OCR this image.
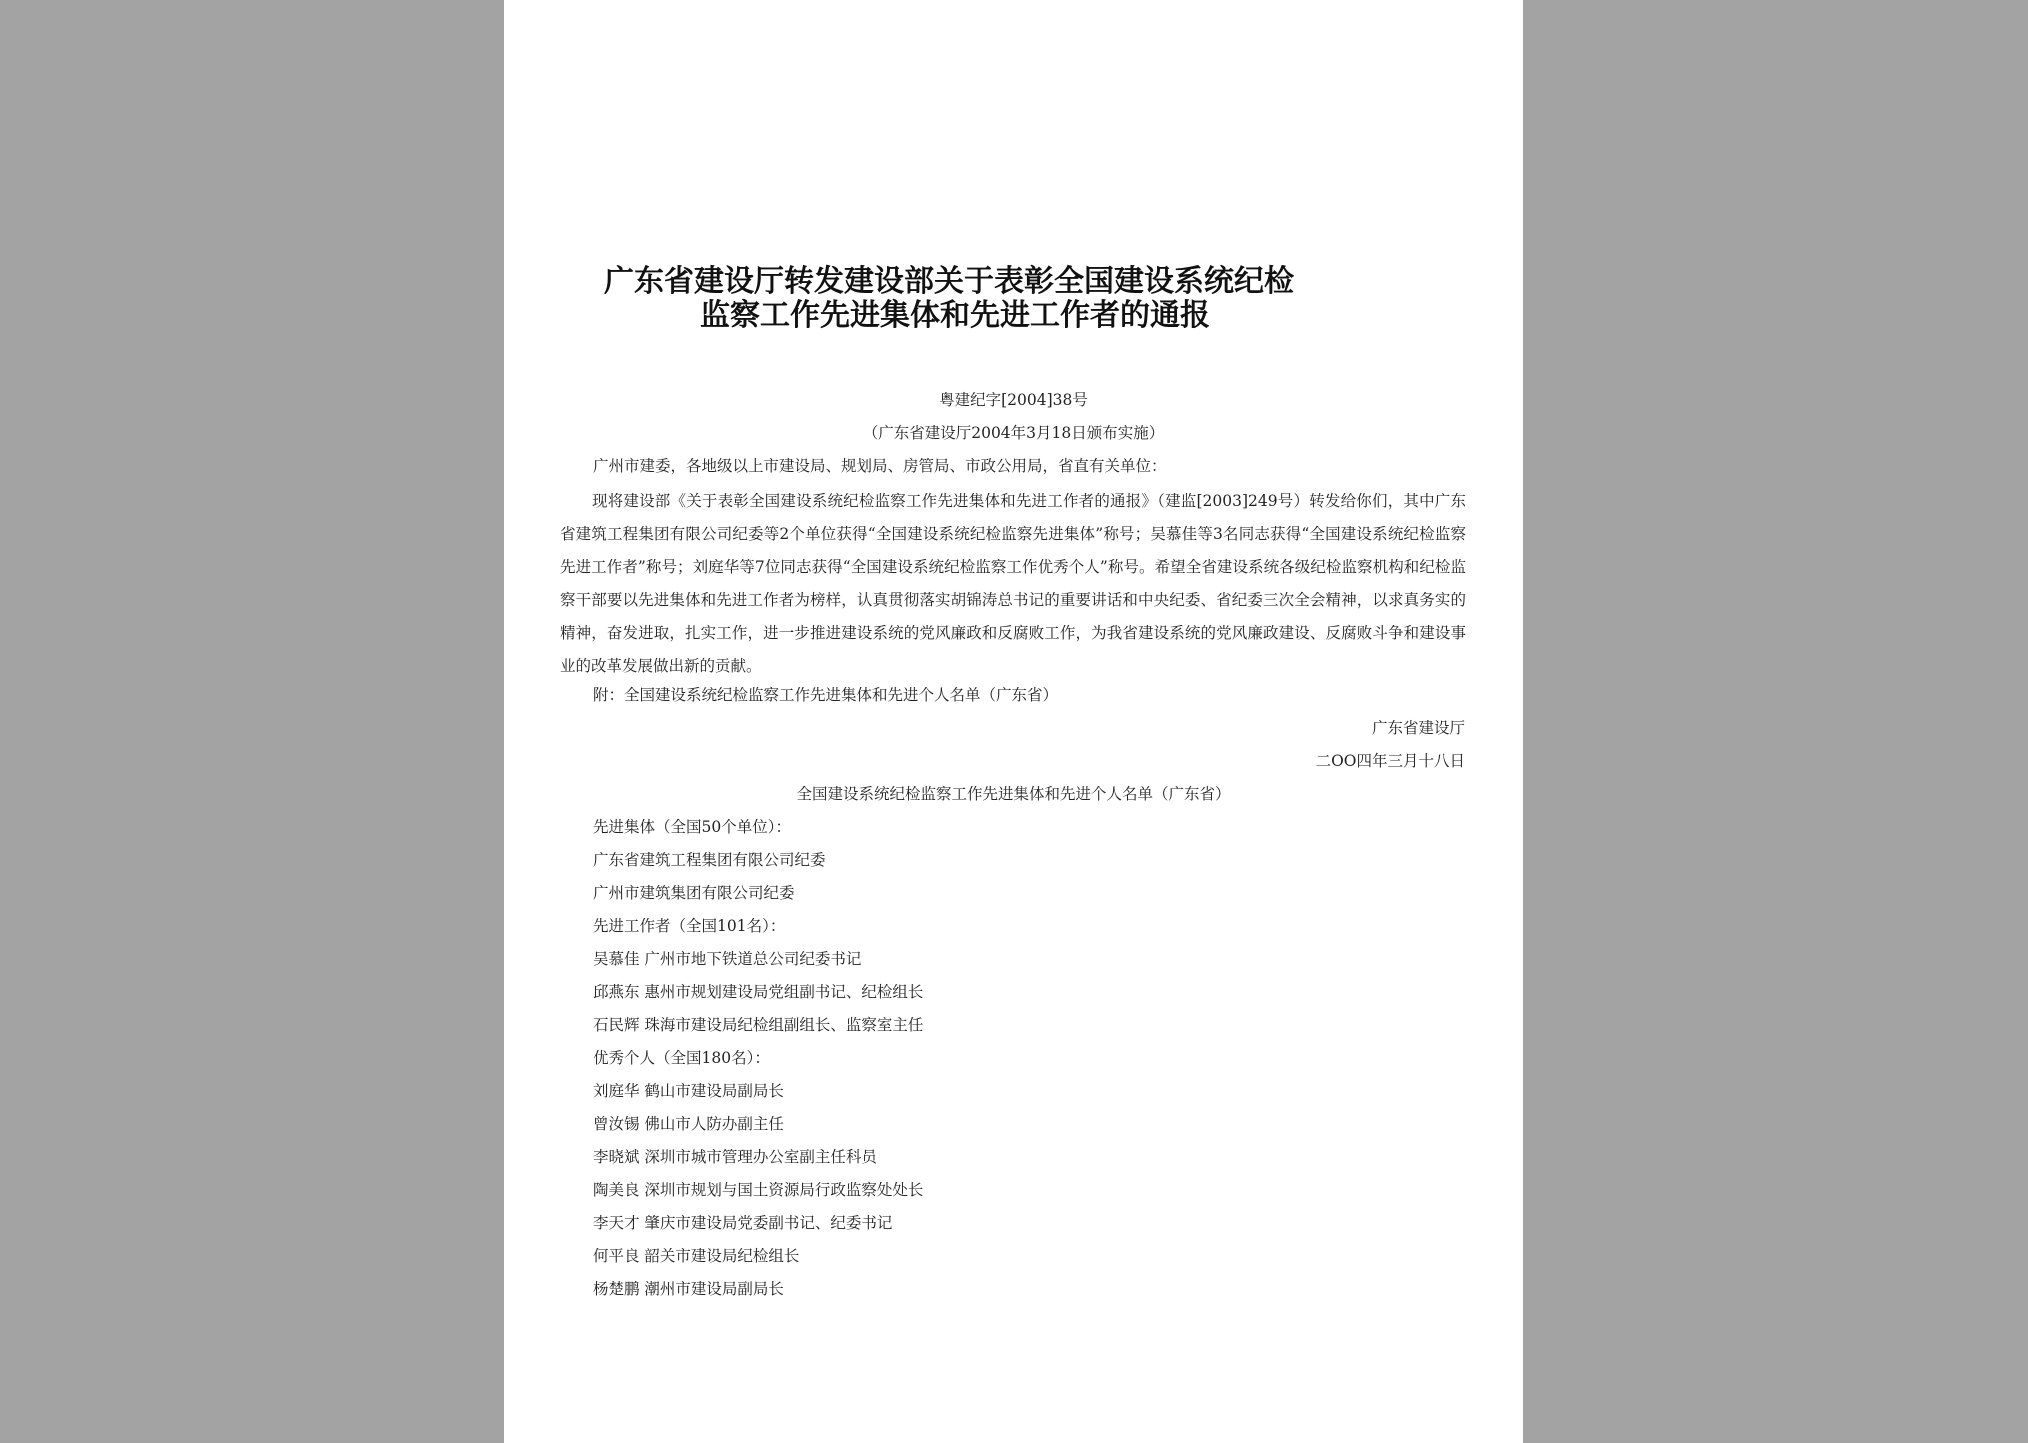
广东省建设厅转发建设部关于表彰全国建设系统纪检
监察工作先进集体和先进工作者的通报
粤建纪字[2004]38号
（广东省建设厅2004年3月18日颁布实施）
广州市建委，各地级以上市建设局、规划局、房管局、市政公用局，省直有关单位：
现将建设部《关于表彰全国建设系统纪检监察工作先进集体和先进工作者的通报》（建监[2003]249号）转发给你们，其中广东省建筑工程集团有限公司纪委等2个单位获得“全国建设系统纪检监察先进集体”称号；吴慕佳等3名同志获得“全国建设系统纪检监察先进工作者”称号；刘庭华等7位同志获得“全国建设系统纪检监察工作优秀个人”称号。希望全省建设系统各级纪检监察机构和纪检监察干部要以先进集体和先进工作者为榜样，认真贯彻落实胡锦涛总书记的重要讲话和中央纪委、省纪委三次全会精神，以求真务实的精神，奋发进取，扎实工作，进一步推进建设系统的党风廉政和反腐败工作，为我省建设系统的党风廉政建设、反腐败斗争和建设事业的改革发展做出新的贡献。
附：全国建设系统纪检监察工作先进集体和先进个人名单（广东省）
广东省建设厅
二OO四年三月十八日
全国建设系统纪检监察工作先进集体和先进个人名单（广东省）
先进集体（全国50个单位）：
广东省建筑工程集团有限公司纪委
广州市建筑集团有限公司纪委
先进工作者（全国101名）：
吴慕佳 广州市地下铁道总公司纪委书记
邱燕东 惠州市规划建设局党组副书记、纪检组长
石民辉 珠海市建设局纪检组副组长、监察室主任
优秀个人（全国180名）：
刘庭华 鹤山市建设局副局长
曾汝锡 佛山市人防办副主任
李晓斌 深圳市城市管理办公室副主任科员
陶美良 深圳市规划与国土资源局行政监察处处长
李天才 肇庆市建设局党委副书记、纪委书记
何平良 韶关市建设局纪检组长
杨楚鹏 潮州市建设局副局长
